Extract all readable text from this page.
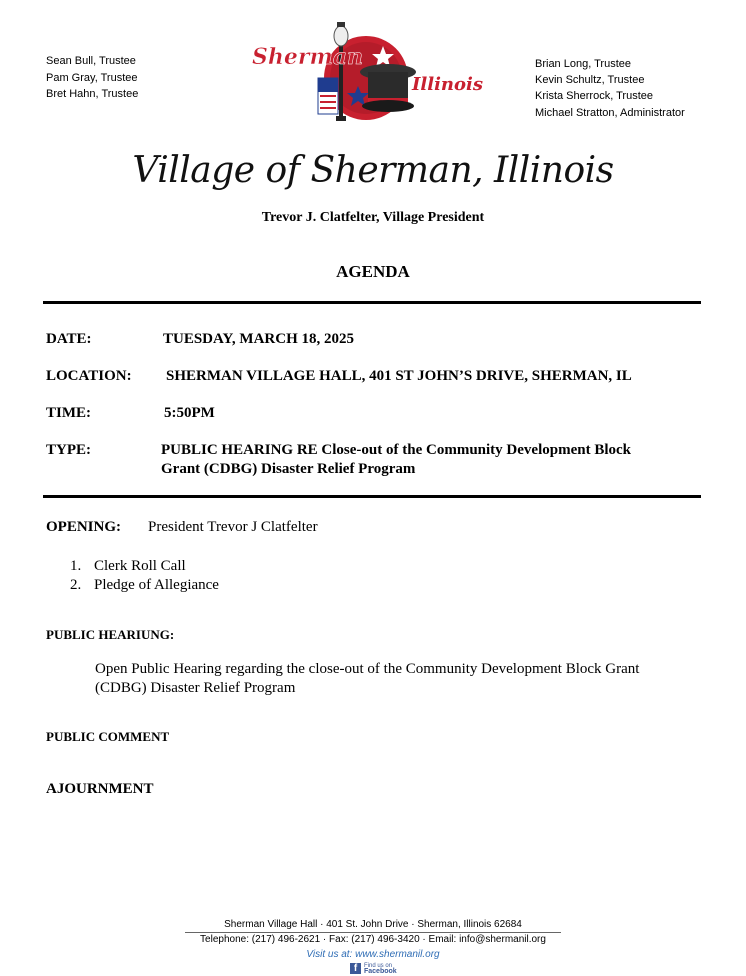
Sean Bull, Trustee
Pam Gray, Trustee
Bret Hahn, Trustee
Brian Long, Trustee
Kevin Schultz, Trustee
Krista Sherrock, Trustee
Michael Stratton, Administrator
Sherman
Illinois
Village of Sherman, Illinois
Trevor J. Clatfelter, Village President
AGENDA
DATE:	TUESDAY, MARCH 18, 2025
LOCATION: SHERMAN VILLAGE HALL, 401 ST JOHN’S DRIVE, SHERMAN, IL
TIME:	5:50PM
TYPE:	PUBLIC HEARING RE Close-out of the Community Development Block
Grant (CDBG) Disaster Relief Program
OPENING: President Trevor J Clatfelter
1. Clerk Roll Call
2. Pledge of Allegiance
PUBLIC HEARIUNG:
Open Public Hearing regarding the close-out of the Community Development Block Grant
(CDBG) Disaster Relief Program
PUBLIC COMMENT
AJOURNMENT
Sherman Village Hall · 401 St. John Drive · Sherman, Illinois 62684
Telephone: (217) 496-2621 · Fax: (217) 496-3420 · Email: info@shermanil.org
Visit us at: www.shermanil.org
f	Find us on
Facebook
